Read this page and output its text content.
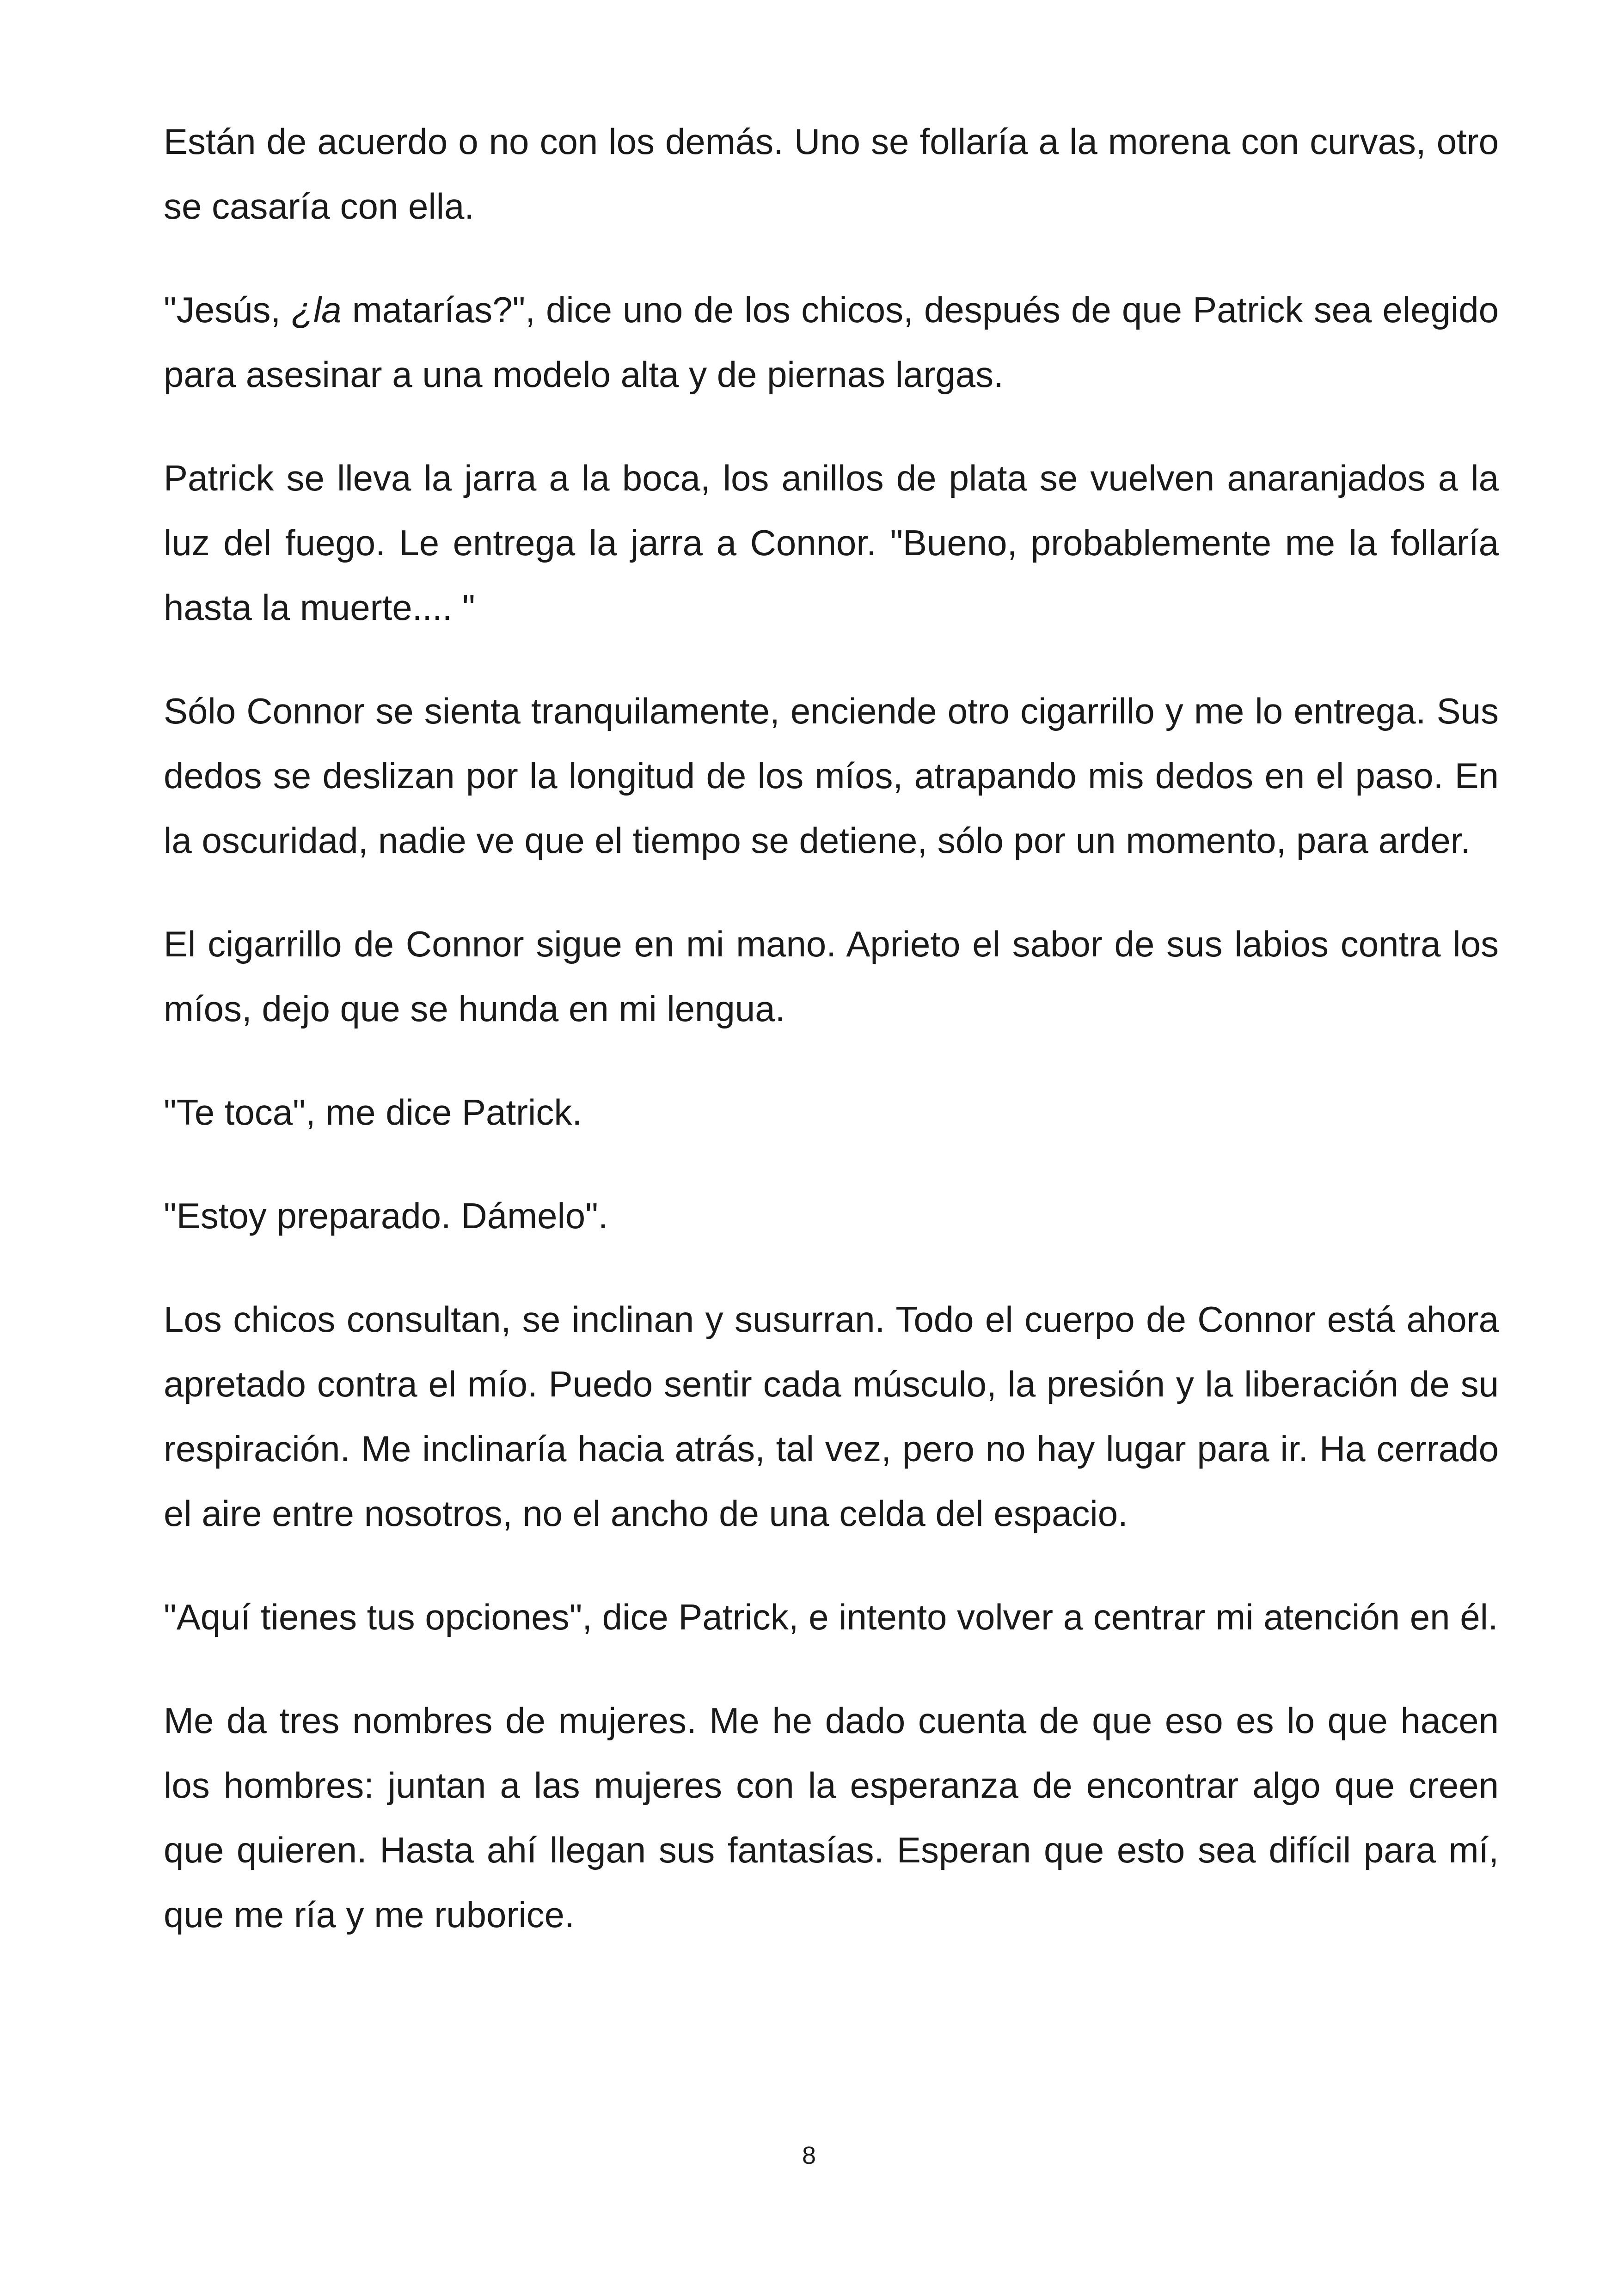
Están de acuerdo o no con los demás. Uno se follaría a la morena con curvas, otro se casaría con ella.

"Jesús, ¿la matarías?", dice uno de los chicos, después de que Patrick sea elegido para asesinar a una modelo alta y de piernas largas.

Patrick se lleva la jarra a la boca, los anillos de plata se vuelven anaranjados a la luz del fuego. Le entrega la jarra a Connor. "Bueno, probablemente me la follaría hasta la muerte.... "

Sólo Connor se sienta tranquilamente, enciende otro cigarrillo y me lo entrega. Sus dedos se deslizan por la longitud de los míos, atrapando mis dedos en el paso. En la oscuridad, nadie ve que el tiempo se detiene, sólo por un momento, para arder.

El cigarrillo de Connor sigue en mi mano. Aprieto el sabor de sus labios contra los míos, dejo que se hunda en mi lengua.

"Te toca", me dice Patrick.

"Estoy preparado. Dámelo".

Los chicos consultan, se inclinan y susurran. Todo el cuerpo de Connor está ahora apretado contra el mío. Puedo sentir cada músculo, la presión y la liberación de su respiración. Me inclinaría hacia atrás, tal vez, pero no hay lugar para ir. Ha cerrado el aire entre nosotros, no el ancho de una celda del espacio.

"Aquí tienes tus opciones", dice Patrick, e intento volver a centrar mi atención en él.

Me da tres nombres de mujeres. Me he dado cuenta de que eso es lo que hacen los hombres: juntan a las mujeres con la esperanza de encontrar algo que creen que quieren. Hasta ahí llegan sus fantasías. Esperan que esto sea difícil para mí, que me ría y me ruborice.

8
